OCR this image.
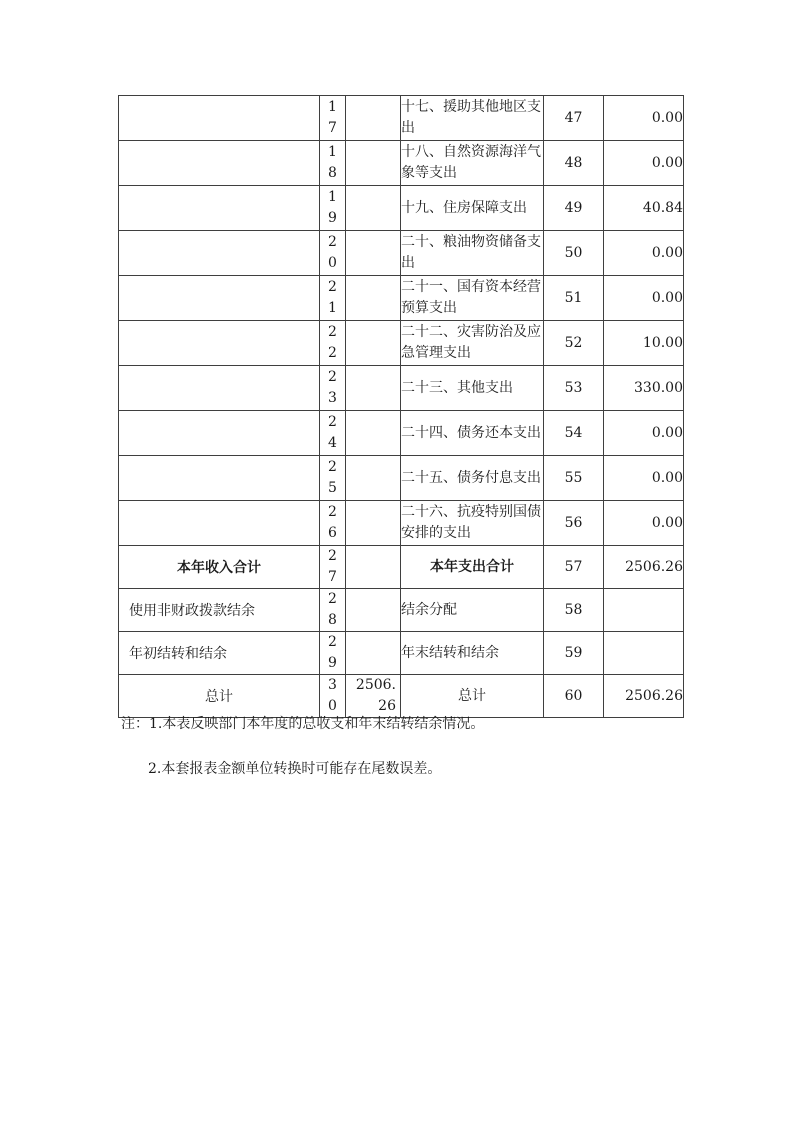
	17		十七、援助其他地区支出	47	0.00

	18		十八、自然资源海洋气象等支出	48	0.00

	19		十九、住房保障支出	49	40.84

	20		二十、粮油物资储备支出	50	0.00

	21		二十一、国有资本经营预算支出	51	0.00

	22		二十二、灾害防治及应急管理支出	52	10.00

	23		二十三、其他支出	53	330.00

	24		二十四、债务还本支出	54	0.00

	25		二十五、债务付息支出	55	0.00

	26		二十六、抗疫特别国债安排的支出	56	0.00
本年收入合计	27		本年支出合计	57	2506.26
使用非财政拨款结余	28		结余分配	58	
年初结转和结余	29		年末结转和结余	59	
总计	30	2506.26	总计	60	2506.26
注：1.本表反映部门本年度的总收支和年末结转结余情况。
2.本套报表金额单位转换时可能存在尾数误差。
